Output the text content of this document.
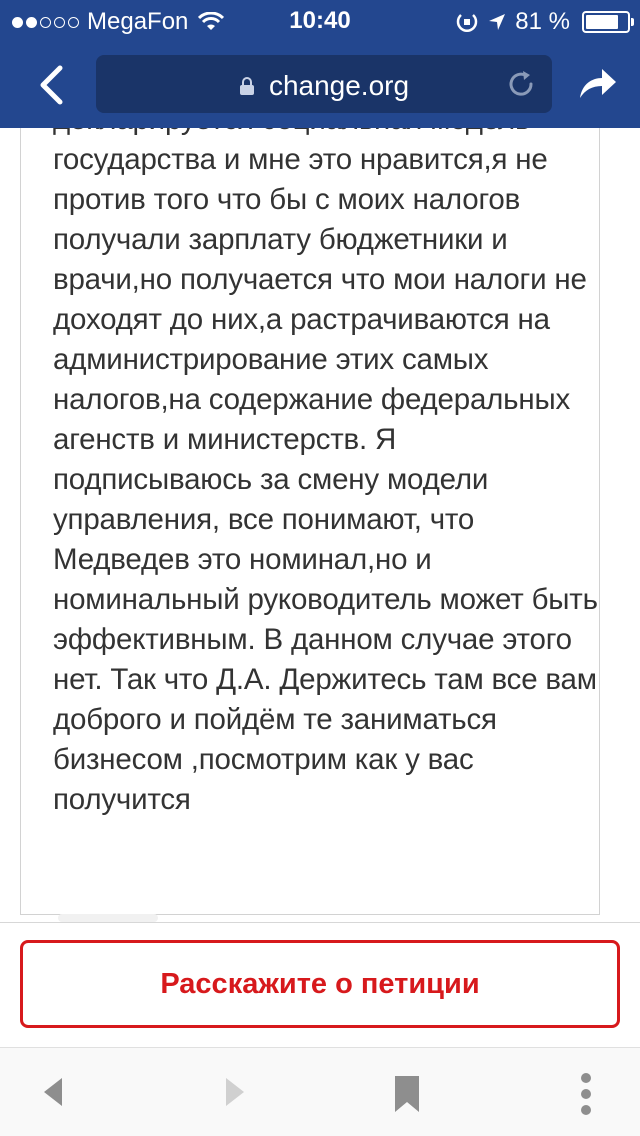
MegaFon	10:40	81 %
change.org

государства и мне это нравится,я не против того что бы с моих налогов получали зарплату бюджетники и врачи,но получается что мои налоги не доходят до них,а растрачиваются на администрирование этих самых налогов,на содержание федеральных агенств и министерств. Я подписываюсь за смену модели управления, все понимают, что Медведев это номинал,но и номинальный руководитель может быть эффективным. В данном случае этого нет. Так что Д.А. Держитесь там все вам доброго и пойдём те заниматься бизнесом ,посмотрим как у вас получится

Расскажите о петиции
